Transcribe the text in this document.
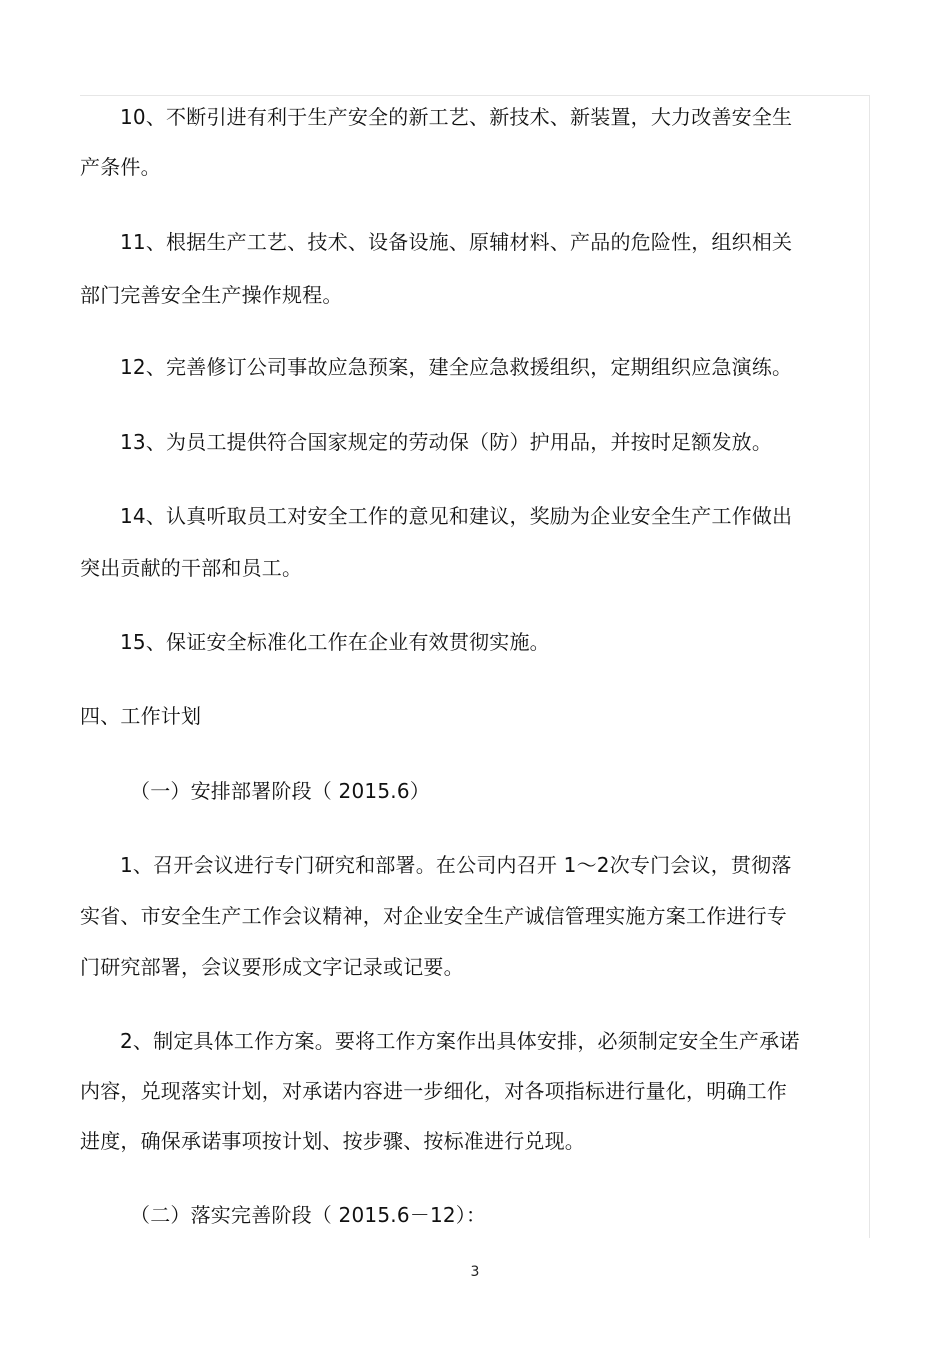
10、不断引进有利于生产安全的新工艺、新技术、新装置，大力改善安全生
产条件。
11、根据生产工艺、技术、设备设施、原辅材料、产品的危险性，组织相关
部门完善安全生产操作规程。
12、完善修订公司事故应急预案，建全应急救援组织，定期组织应急演练。
13、为员工提供符合国家规定的劳动保（防）护用品，并按时足额发放。
14、认真听取员工对安全工作的意见和建议，奖励为企业安全生产工作做出
突出贡献的干部和员工。
15、保证安全标准化工作在企业有效贯彻实施。
四、工作计划
（一）安排部署阶段（ 2015.6）
1、召开会议进行专门研究和部署。在公司内召开 1～2次专门会议，贯彻落
实省、市安全生产工作会议精神，对企业安全生产诚信管理实施方案工作进行专
门研究部署，会议要形成文字记录或记要。
2、制定具体工作方案。要将工作方案作出具体安排，必须制定安全生产承诺
内容，兑现落实计划，对承诺内容进一步细化，对各项指标进行量化，明确工作
进度，确保承诺事项按计划、按步骤、按标准进行兑现。
（二）落实完善阶段（ 2015.6－12）：
3
